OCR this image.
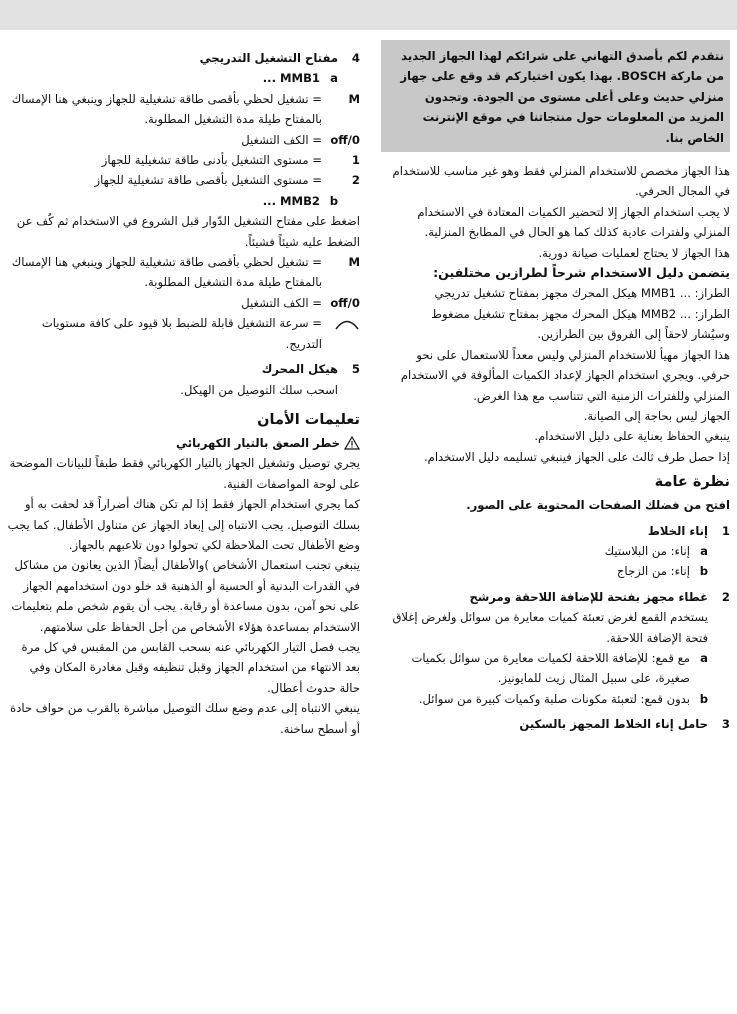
نتقدم لكم بأصدق التهاني على شرائكم لهذا الجهاز الجديد من ماركة BOSCH. بهذا يكون اختياركم قد وقع على جهاز منزلي حديث وعلى أعلى مستوى من الجودة. وتجدون المزيد من المعلومات حول منتجاتنا في موقع الإنترنت الخاص بنا.

هذا الجهاز مخصص للاستخدام المنزلي فقط وهو غير مناسب للاستخدام في المجال الحرفي.

لا يجب استخدام الجهاز إلا لتحضير الكميات المعتادة في الاستخدام المنزلي ولفترات عادية كذلك كما هو الحال في المطابخ المنزلية.

هذا الجهاز لا يحتاج لعمليات صيانة دورية.

يتضمن دليل الاستخدام شرحاً لطرازين مختلفين:

الطراز: ... MMB1 هيكل المحرك مجهز بمفتاح تشغيل تدريجي

الطراز: ... MMB2 هيكل المحرك مجهز بمفتاح تشغيل مضغوط

وسيُشار لاحقاً إلى الفروق بين الطرازين.

هذا الجهاز مهيأ للاستخدام المنزلي وليس معداً للاستعمال على نحو حرفي. ويجري استخدام الجهاز لإعداد الكميات المألوفة في الاستخدام المنزلي وللفترات الزمنية التي تتناسب مع هذا الغرض.

الجهاز ليس بحاجة إلى الصيانة.

ينبغي الحفاظ بعناية على دليل الاستخدام.

إذا حصل طرف ثالث على الجهاز فينبغي تسليمه دليل الاستخدام.

نظرة عامة

افتح من فضلك الصفحات المحتوية على الصور.

1
إناء الخلاط
a
إناء: من البلاستيك
b
إناء: من الزجاج
2
غطاء مجهز بفتحة للإضافة اللاحقة ومرشح

يستخدم القمع لغرض تعبئة كميات معايرة من سوائل ولغرض إغلاق فتحة الإضافة اللاحقة.

a
مع قمع: للإضافة اللاحقة لكميات معايرة من سوائل بكميات صغيرة، على سبيل المثال زيت للمايونيز.
b
بدون قمع: لتعبئة مكونات صلبة وكميات كبيرة من سوائل.
3
حامل إناء الخلاط المجهز بالسكين
4
مفتاح التشغيل التدريجي
a
MMB1 ...
M
= تشغيل لحظي بأقصى طاقة تشغيلية للجهاز وينبغي هنا الإمساك بالمفتاح طيلة مدة التشغيل المطلوبة.
off/0
= الكف التشغيل
1
= مستوى التشغيل بأدنى طاقة تشغيلية للجهاز
2
= مستوى التشغيل بأقصى طاقة تشغيلية للجهاز
b
MMB2 ...

اضغط على مفتاح التشغيل الدّوار قبل الشروع في الاستخدام ثم كُف عن الضغط عليه شيئاً فشيئاً.

M
= تشغيل لحظي بأقصى طاقة تشغيلية للجهاز وينبغي هنا الإمساك بالمفتاح طيلة مدة التشغيل المطلوبة.
off/0
= الكف التشغيل
= سرعة التشغيل قابلة للضبط بلا قيود على كافة مستويات التدريج.
5
هيكل المحرك

اسحب سلك التوصيل من الهيكل.

تعليمات الأمان
خطر الصعق بالتيار الكهربائي

يجري توصيل وتشغيل الجهاز بالتيار الكهربائي فقط طبقاً للبيانات الموضحة على لوحة المواصفات الفنية.

كما يجري استخدام الجهاز فقط إذا لم تكن هناك أضراراً قد لحقت به أو بسلك التوصيل. يجب الانتباه إلى إبعاد الجهاز عن متناول الأطفال. كما يجب وضع الأطفال تحت الملاحظة لكي تحولوا دون تلاعبهم بالجهاز.

ينبغي تجنب استعمال الأشخاص )والأطفال أيضاً( الذين يعانون من مشاكل في القدرات البدنية أو الحسية أو الذهنية قد خلو دون استخدامهم الجهاز على نحو آمن، بدون مساعدة أو رقابة. يجب أن يقوم شخص ملم بتعليمات الاستخدام بمساعدة هؤلاء الأشخاص من أجل الحفاظ على سلامتهم.

يجب فصل التيار الكهربائي عنه بسحب القابس من المقبس في كل مرة بعد الانتهاء من استخدام الجهاز وقبل تنظيفه وقبل مغادرة المكان وفي حالة حدوث أعطال.

ينبغي الانتباه إلى عدم وضع سلك التوصيل مباشرة بالقرب من حواف حادة أو أسطح ساخنة.
